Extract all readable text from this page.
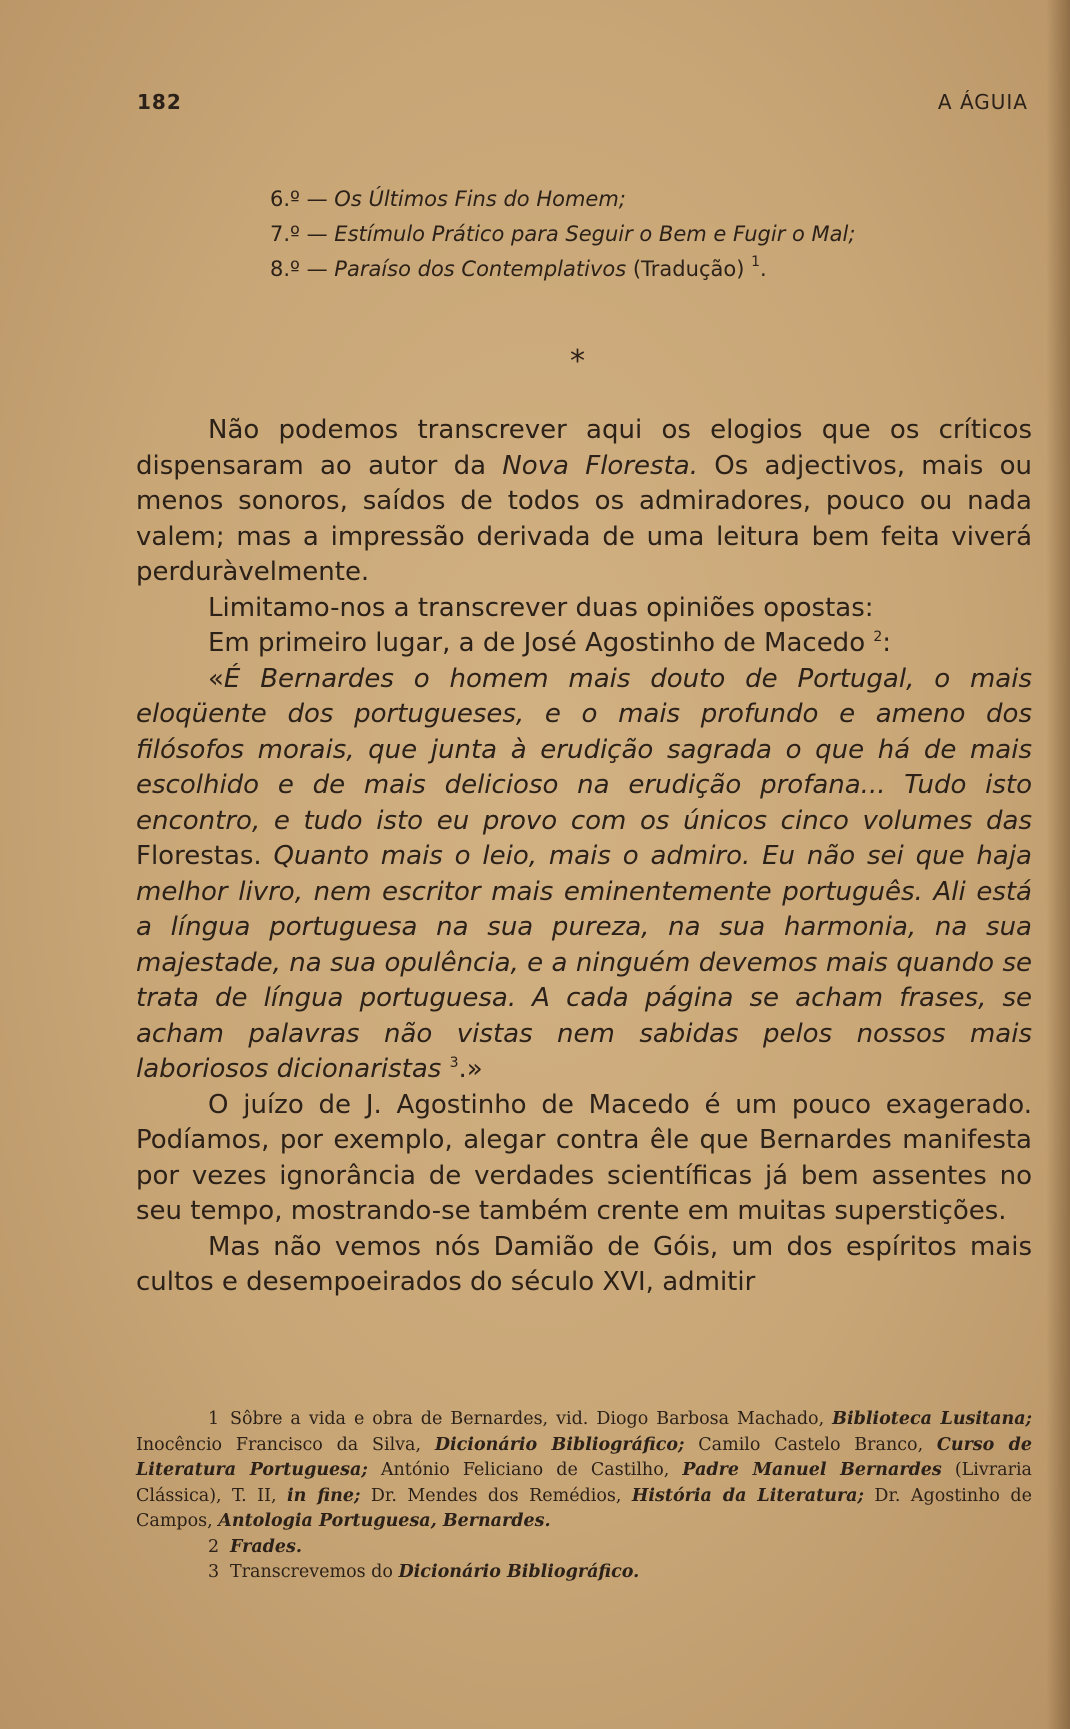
182	A ÁGUIA
6.º — Os Últimos Fins do Homem;
7.º — Estímulo Prático para Seguir o Bem e Fugir o Mal;
8.º — Paraíso dos Contemplativos (Tradução) $^1$.
*

Não podemos transcrever aqui os elogios que os críticos dispensaram ao autor da Nova Floresta. Os adjectivos, mais ou menos sonoros, saídos de todos os admiradores, pouco ou nada valem; mas a impressão derivada de uma leitura bem feita viverá perduràvelmente.

Limitamo-nos a transcrever duas opiniões opostas:

Em primeiro lugar, a de José Agostinho de Macedo $^2$:

«É Bernardes o homem mais douto de Portugal, o mais eloqüente dos portugueses, e o mais profundo e ameno dos filósofos morais, que junta à erudição sagrada o que há de mais escolhido e de mais delicioso na erudição profana... Tudo isto encontro, e tudo isto eu provo com os únicos cinco volumes das Florestas. Quanto mais o leio, mais o admiro. Eu não sei que haja melhor livro, nem escritor mais eminentemente português. Ali está a língua portuguesa na sua pureza, na sua harmonia, na sua majestade, na sua opulência, e a ninguém devemos mais quando se trata de língua portuguesa. A cada página se acham frases, se acham palavras não vistas nem sabidas pelos nossos mais laboriosos dicionaristas $^3$.»

O juízo de J. Agostinho de Macedo é um pouco exagerado. Podíamos, por exemplo, alegar contra êle que Bernardes manifesta por vezes ignorância de verdades scientíficas já bem assentes no seu tempo, mostrando-se também crente em muitas superstições.

Mas não vemos nós Damião de Góis, um dos espíritos mais cultos e desempoeirados do século XVI, admitir

1 Sôbre a vida e obra de Bernardes, vid. Diogo Barbosa Machado, Biblioteca Lusitana; Inocêncio Francisco da Silva, Dicionário Bibliográfico; Camilo Castelo Branco, Curso de Literatura Portuguesa; António Feliciano de Castilho, Padre Manuel Bernardes (Livraria Clássica), T. II, in fine; Dr. Mendes dos Remédios, História da Literatura; Dr. Agostinho de Campos, Antologia Portuguesa, Bernardes.

2 Frades.

3 Transcrevemos do Dicionário Bibliográfico.
